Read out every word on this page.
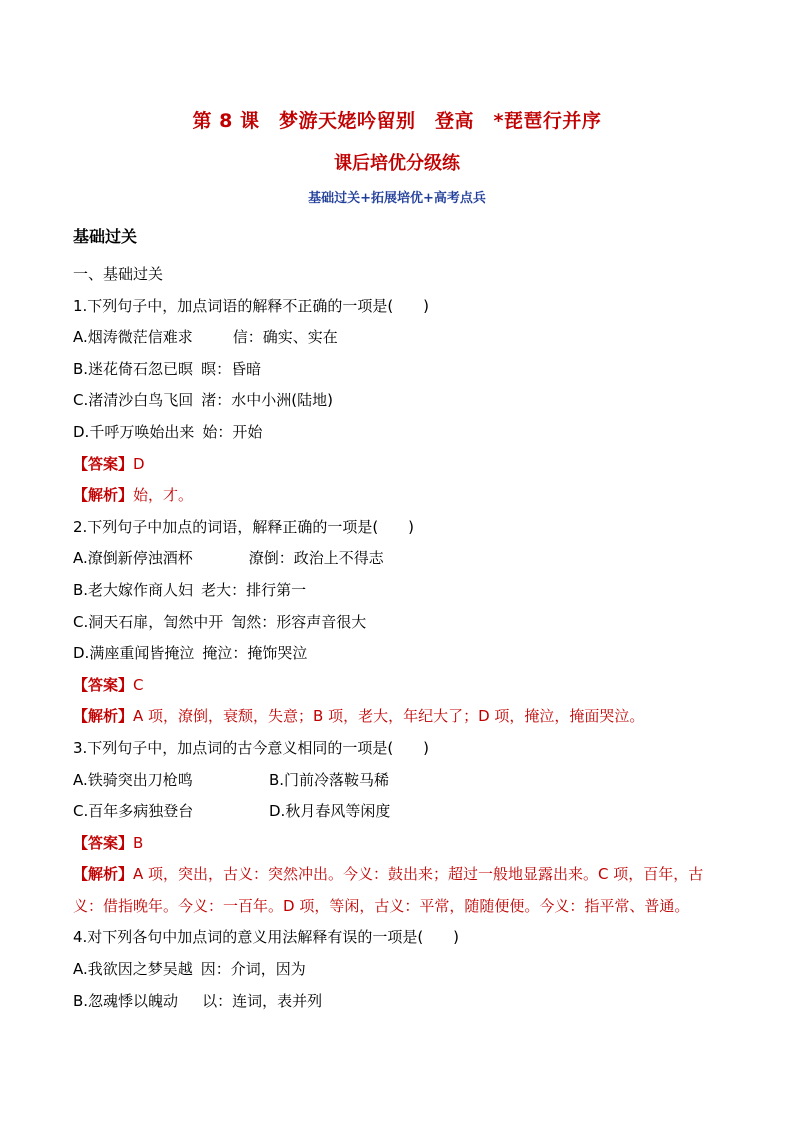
第 8 课　梦游天姥吟留别　登高　*琵琶行并序
课后培优分级练
基础过关+拓展培优+高考点兵
基础过关
一、基础过关
1.下列句子中，加点词语的解释不正确的一项是(　　)
A.烟涛微茫信难求	信：确实、实在
B.迷花倚石忽已暝 暝：昏暗
C.渚清沙白鸟飞回 渚：水中小洲(陆地)
D.千呼万唤始出来 始：开始
【答案】D
【解析】始，才。
2.下列句子中加点的词语，解释正确的一项是(　　)
A.潦倒新停浊酒杯	潦倒：政治上不得志
B.老大嫁作商人妇 老大：排行第一
C.洞天石扉，訇然中开 訇然：形容声音很大
D.满座重闻皆掩泣 掩泣：掩饰哭泣
【答案】C
【解析】A 项，潦倒，衰颓，失意；B 项，老大，年纪大了；D 项，掩泣，掩面哭泣。
3.下列句子中，加点词的古今意义相同的一项是(　　)
A.铁骑突出刀枪鸣	B.门前冷落鞍马稀
C.百年多病独登台	D.秋月春风等闲度
【答案】B
【解析】A 项，突出，古义：突然冲出。今义：鼓出来；超过一般地显露出来。C 项，百年，古义：借指晚年。今义：一百年。D 项，等闲，古义：平常，随随便便。今义：指平常、普通。
4.对下列各句中加点词的意义用法解释有误的一项是(　　)
A.我欲因之梦吴越 因：介词，因为
B.忽魂悸以魄动 以：连词，表并列
